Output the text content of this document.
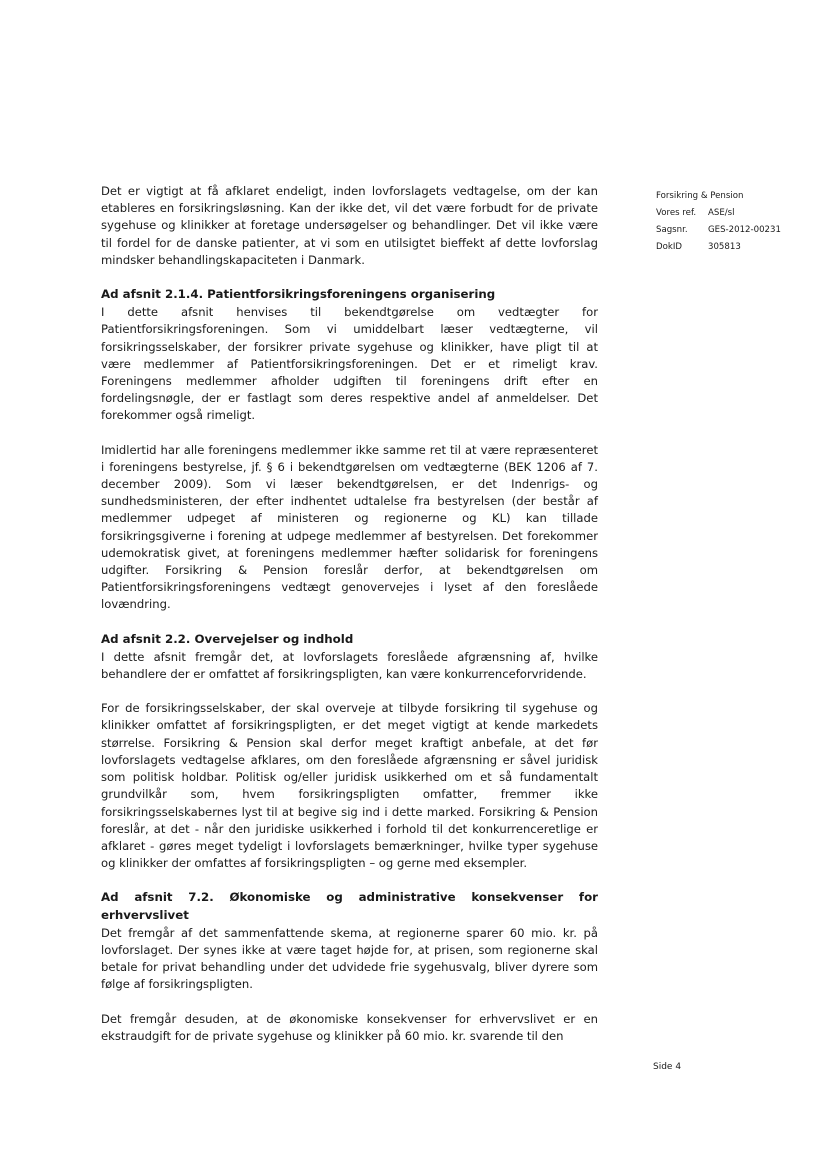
Det er vigtigt at få afklaret endeligt, inden lovforslagets vedtagelse, om der kan etableres en forsikringsløsning. Kan der ikke det, vil det være forbudt for de private sygehuse og klinikker at foretage undersøgelser og behandlinger. Det vil ikke være til fordel for de danske patienter, at vi som en utilsigtet bieffekt af dette lovforslag mindsker behandlingskapaciteten i Danmark.

Ad afsnit 2.1.4. Patientforsikringsforeningens organisering

I dette afsnit henvises til bekendtgørelse om vedtægter for Patientforsikringsforeningen. Som vi umiddelbart læser vedtægterne, vil forsikringsselskaber, der forsikrer private sygehuse og klinikker, have pligt til at være medlemmer af Patientforsikringsforeningen. Det er et rimeligt krav. Foreningens medlemmer afholder udgiften til foreningens drift efter en fordelingsnøgle, der er fastlagt som deres respektive andel af anmeldelser. Det forekommer også rimeligt.

Imidlertid har alle foreningens medlemmer ikke samme ret til at være repræsenteret i foreningens bestyrelse, jf. § 6 i bekendtgørelsen om vedtægterne (BEK 1206 af 7. december 2009). Som vi læser bekendtgørelsen, er det Indenrigs- og sundhedsministeren, der efter indhentet udtalelse fra bestyrelsen (der består af medlemmer udpeget af ministeren og regionerne og KL) kan tillade forsikringsgiverne i forening at udpege medlemmer af bestyrelsen. Det forekommer udemokratisk givet, at foreningens medlemmer hæfter solidarisk for foreningens udgifter. Forsikring & Pension foreslår derfor, at bekendtgørelsen om Patientforsikringsforeningens vedtægt genovervejes i lyset af den foreslåede lovændring.

Ad afsnit 2.2. Overvejelser og indhold

I dette afsnit fremgår det, at lovforslagets foreslåede afgrænsning af, hvilke behandlere der er omfattet af forsikringspligten, kan være konkurrenceforvridende.

For de forsikringsselskaber, der skal overveje at tilbyde forsikring til sygehuse og klinikker omfattet af forsikringspligten, er det meget vigtigt at kende markedets størrelse. Forsikring & Pension skal derfor meget kraftigt anbefale, at det før lovforslagets vedtagelse afklares, om den foreslåede afgrænsning er såvel juridisk som politisk holdbar. Politisk og/eller juridisk usikkerhed om et så fundamentalt grundvilkår som, hvem forsikringspligten omfatter, fremmer ikke forsikringsselskabernes lyst til at begive sig ind i dette marked. Forsikring & Pension foreslår, at det - når den juridiske usikkerhed i forhold til det konkurrenceretlige er afklaret - gøres meget tydeligt i lovforslagets bemærkninger, hvilke typer sygehuse og klinikker der omfattes af forsikringspligten – og gerne med eksempler.

Ad afsnit 7.2. Økonomiske og administrative konsekvenser for erhvervslivet

Det fremgår af det sammenfattende skema, at regionerne sparer 60 mio. kr. på lovforslaget. Der synes ikke at være taget højde for, at prisen, som regionerne skal betale for privat behandling under det udvidede frie sygehusvalg, bliver dyrere som følge af forsikringspligten.

Det fremgår desuden, at de økonomiske konsekvenser for erhvervslivet er en ekstraudgift for de private sygehuse og klinikker på 60 mio. kr. svarende til den

Forsikring & Pension
Vores ref.	ASE/sl
Sagsnr.	GES-2012-00231
DokID	305813
Side 4
